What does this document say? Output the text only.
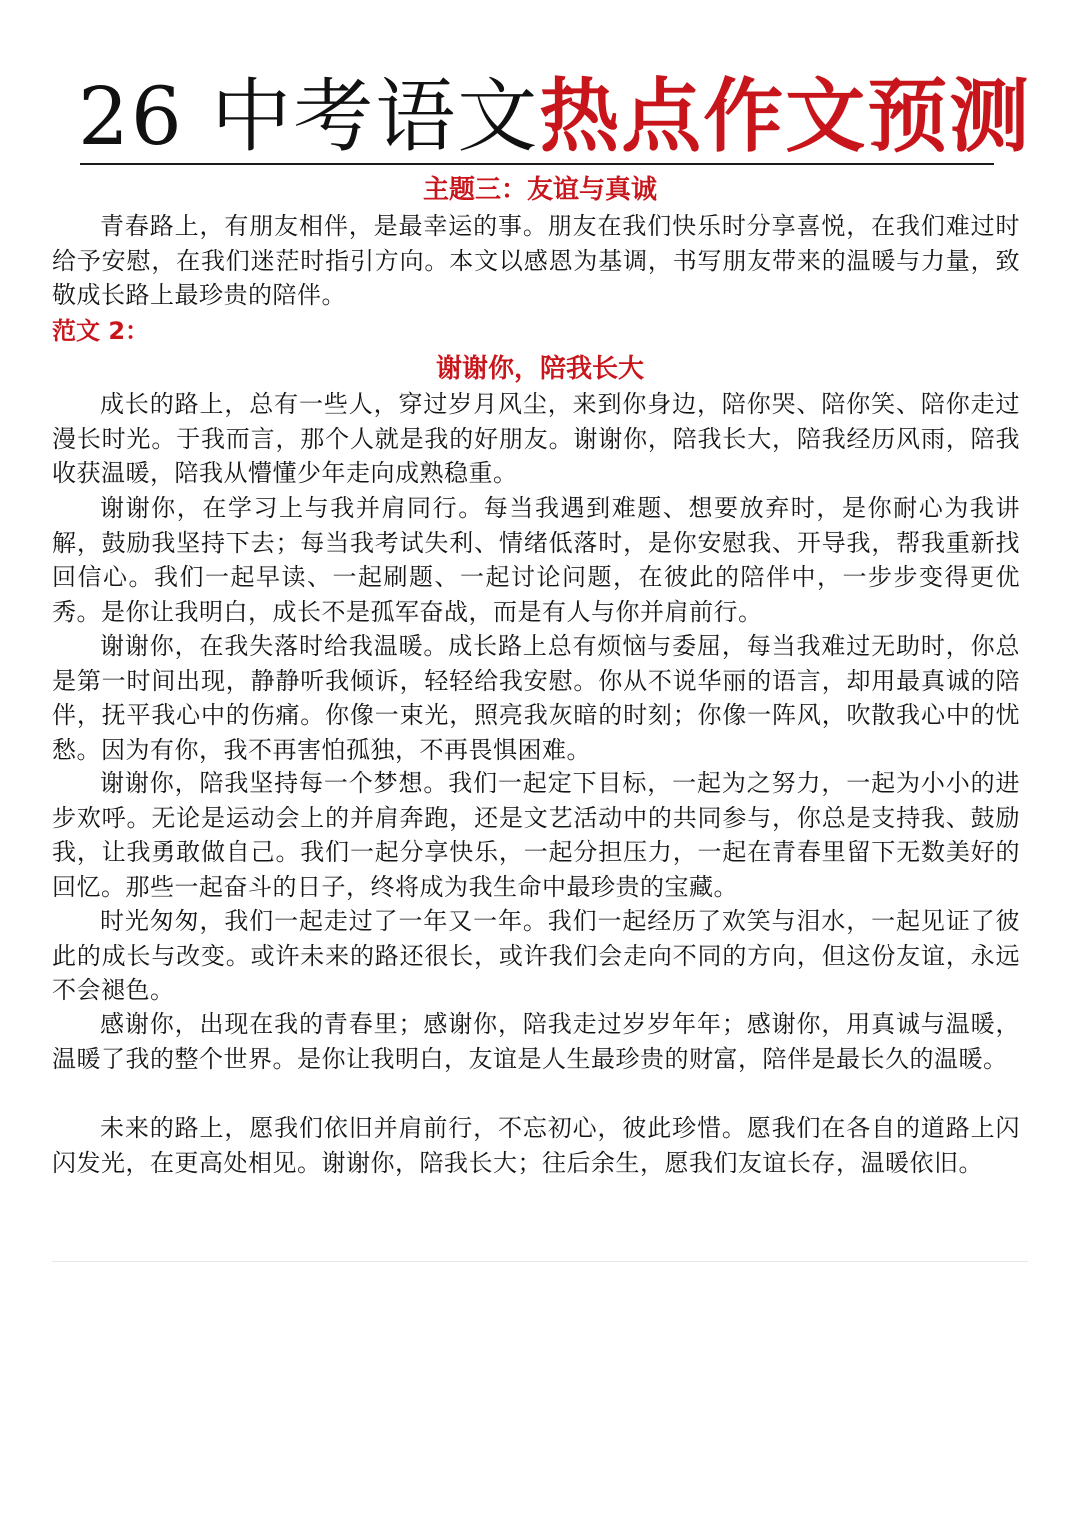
26 中考语文热点作文预测
主题三：友谊与真诚

青春路上，有朋友相伴，是最幸运的事。朋友在我们快乐时分享喜悦，在我们难过时给予安慰，在我们迷茫时指引方向。本文以感恩为基调，书写朋友带来的温暖与力量，致敬成长路上最珍贵的陪伴。

范文 2：
谢谢你，陪我长大

成长的路上，总有一些人，穿过岁月风尘，来到你身边，陪你哭、陪你笑、陪你走过漫长时光。于我而言，那个人就是我的好朋友。谢谢你，陪我长大，陪我经历风雨，陪我收获温暖，陪我从懵懂少年走向成熟稳重。

谢谢你，在学习上与我并肩同行。每当我遇到难题、想要放弃时，是你耐心为我讲解，鼓励我坚持下去；每当我考试失利、情绪低落时，是你安慰我、开导我，帮我重新找回信心。我们一起早读、一起刷题、一起讨论问题，在彼此的陪伴中，一步步变得更优秀。是你让我明白，成长不是孤军奋战，而是有人与你并肩前行。

谢谢你，在我失落时给我温暖。成长路上总有烦恼与委屈，每当我难过无助时，你总是第一时间出现，静静听我倾诉，轻轻给我安慰。你从不说华丽的语言，却用最真诚的陪伴，抚平我心中的伤痛。你像一束光，照亮我灰暗的时刻；你像一阵风，吹散我心中的忧愁。因为有你，我不再害怕孤独，不再畏惧困难。

谢谢你，陪我坚持每一个梦想。我们一起定下目标，一起为之努力，一起为小小的进步欢呼。无论是运动会上的并肩奔跑，还是文艺活动中的共同参与，你总是支持我、鼓励我，让我勇敢做自己。我们一起分享快乐，一起分担压力，一起在青春里留下无数美好的回忆。那些一起奋斗的日子，终将成为我生命中最珍贵的宝藏。

时光匆匆，我们一起走过了一年又一年。我们一起经历了欢笑与泪水，一起见证了彼此的成长与改变。或许未来的路还很长，或许我们会走向不同的方向，但这份友谊，永远不会褪色。

感谢你，出现在我的青春里；感谢你，陪我走过岁岁年年；感谢你，用真诚与温暖，温暖了我的整个世界。是你让我明白，友谊是人生最珍贵的财富，陪伴是最长久的温暖。

未来的路上，愿我们依旧并肩前行，不忘初心，彼此珍惜。愿我们在各自的道路上闪闪发光，在更高处相见。谢谢你，陪我长大；往后余生，愿我们友谊长存，温暖依旧。
